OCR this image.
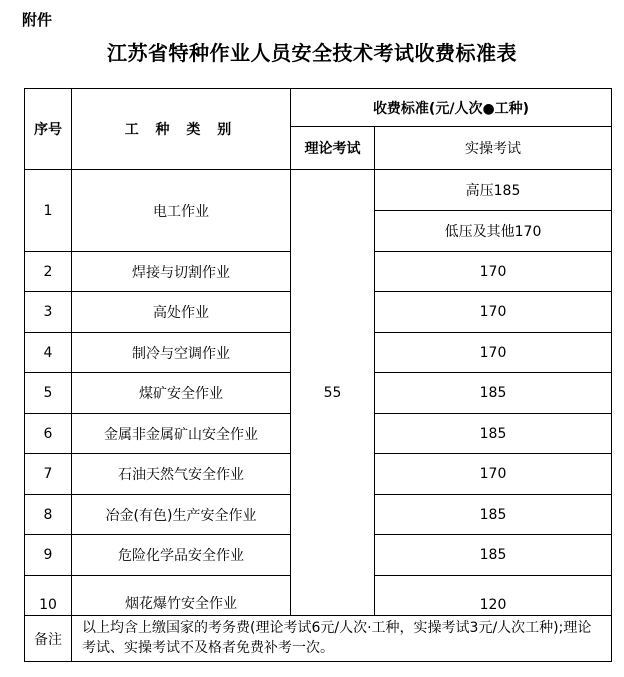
附件
江苏省特种作业人员安全技术考试收费标准表
序号	工 种 类 别	收费标准(元/人次●工种)	
		理论考试	实操考试
1	电工作业	55	高压185
			低压及其他170
2	焊接与切割作业		170
3	高处作业		170
4	制冷与空调作业		170
5	煤矿安全作业		185
6	金属非金属矿山安全作业		185
7	石油天然气安全作业		170
8	冶金(有色)生产安全作业		185
9	危险化学品安全作业		185
10	烟花爆竹安全作业		120
备注	以上均含上缴国家的考务费(理论考试6元/人次·工种，实操考试3元/人次工种);理论考试、实操考试不及格者免费补考一次。		
